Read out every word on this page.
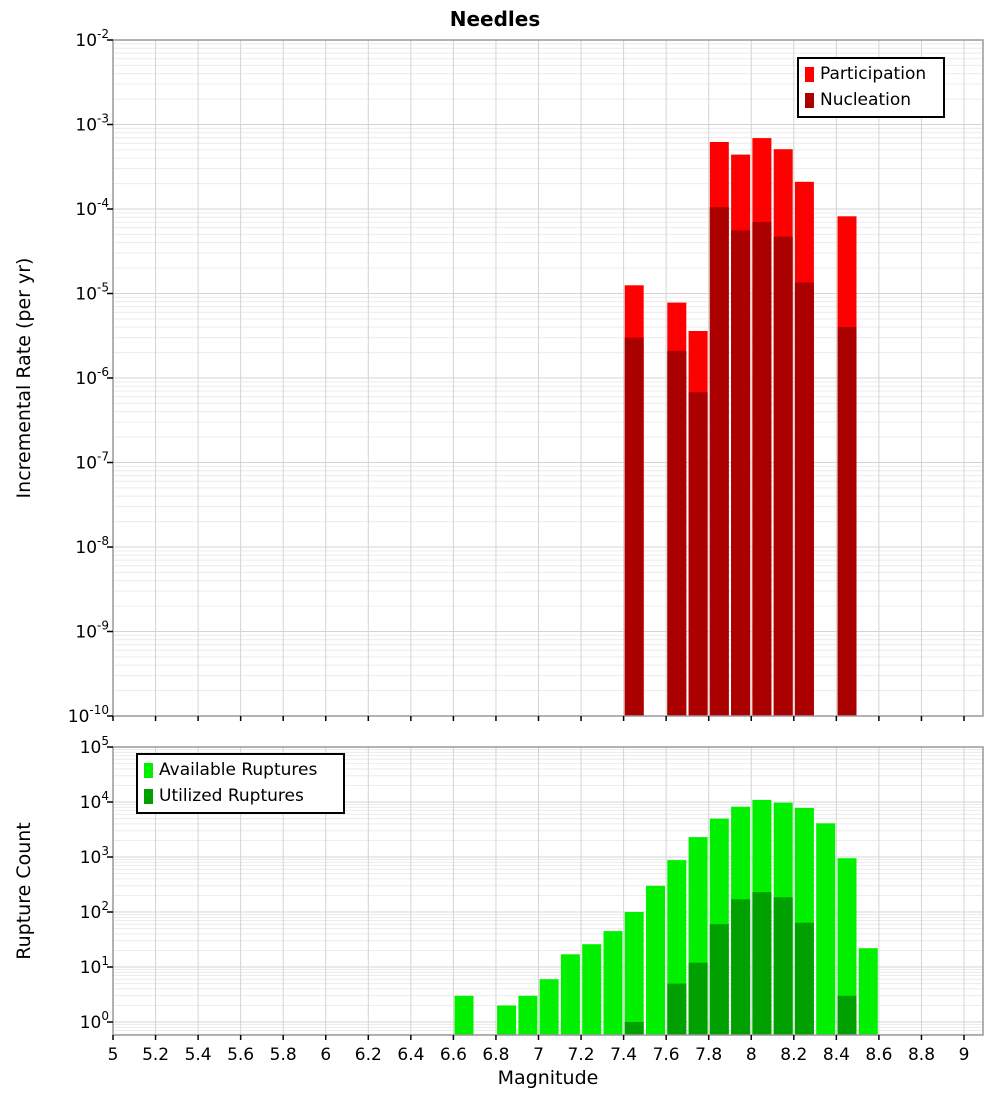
$10^{-2}$
$10^{-3}$
$10^{-4}$
$10^{-5}$
$10^{-6}$
$10^{-7}$
$10^{-8}$
$10^{-9}$
$10^{-10}$
$10^5$
$10^4$
$10^3$
$10^2$
$10^1$
$10^0$
5 5.2 5.4 5.6 5.8 6 6.2 6.4 6.6 6.8 7 7.2 7.4 7.6 7.8 8 8.2 8.4 8.6 8.8 9
Needles
Incremental Rate (per yr)
Rupture Count
Magnitude
Participation
Nucleation
Available Ruptures
Utilized Ruptures
